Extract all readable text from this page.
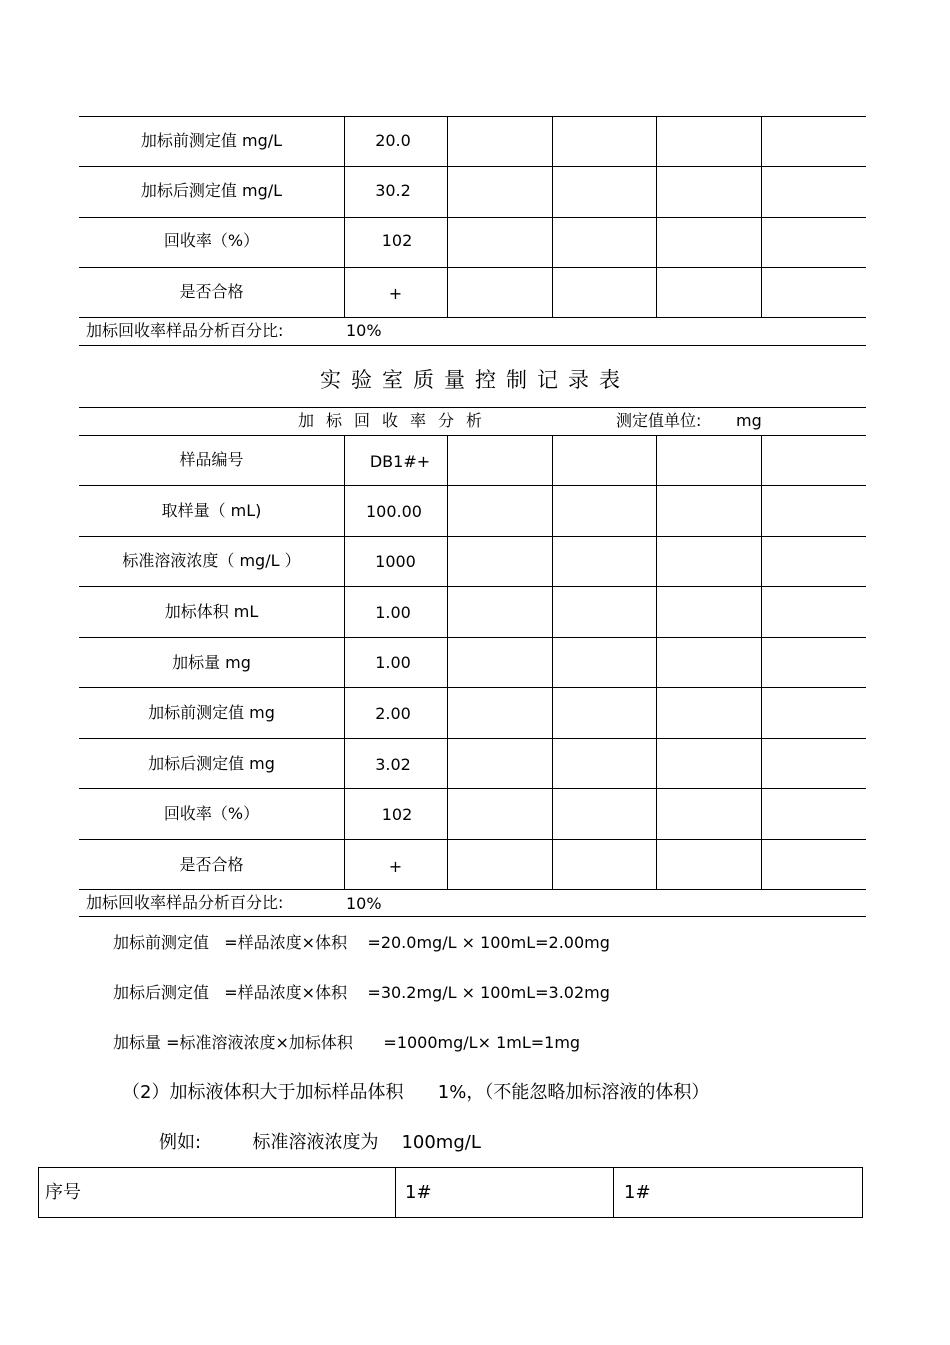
加标前测定值 mg/L	20.0
加标后测定值 mg/L	30.2
回收率（%）	102
是否合格	+
加标回收率样品分析百分比:	10%
实验室质量控制记录表
加标回收率分析	测定值单位: mg
样品编号	DB1#+
取样量（ mL)	100.00
标准溶液浓度（ mg/L ）	1000
加标体积 mL	1.00
加标量 mg	1.00
加标前测定值 mg	2.00
加标后测定值 mg	3.02
回收率（%）	102
是否合格	+
加标回收率样品分析百分比:	10%
加标前测定值   =样品浓度×体积    =20.0mg/L × 100mL=2.00mg
加标后测定值   =样品浓度×体积    =30.2mg/L × 100mL=3.02mg
加标量 =标准溶液浓度×加标体积      =1000mg/L× 1mL=1mg
（2）加标液体积大于加标样品体积      1%，（不能忽略加标溶液的体积）
例如:         标准溶液浓度为    100mg/L
序号	1#	1#
